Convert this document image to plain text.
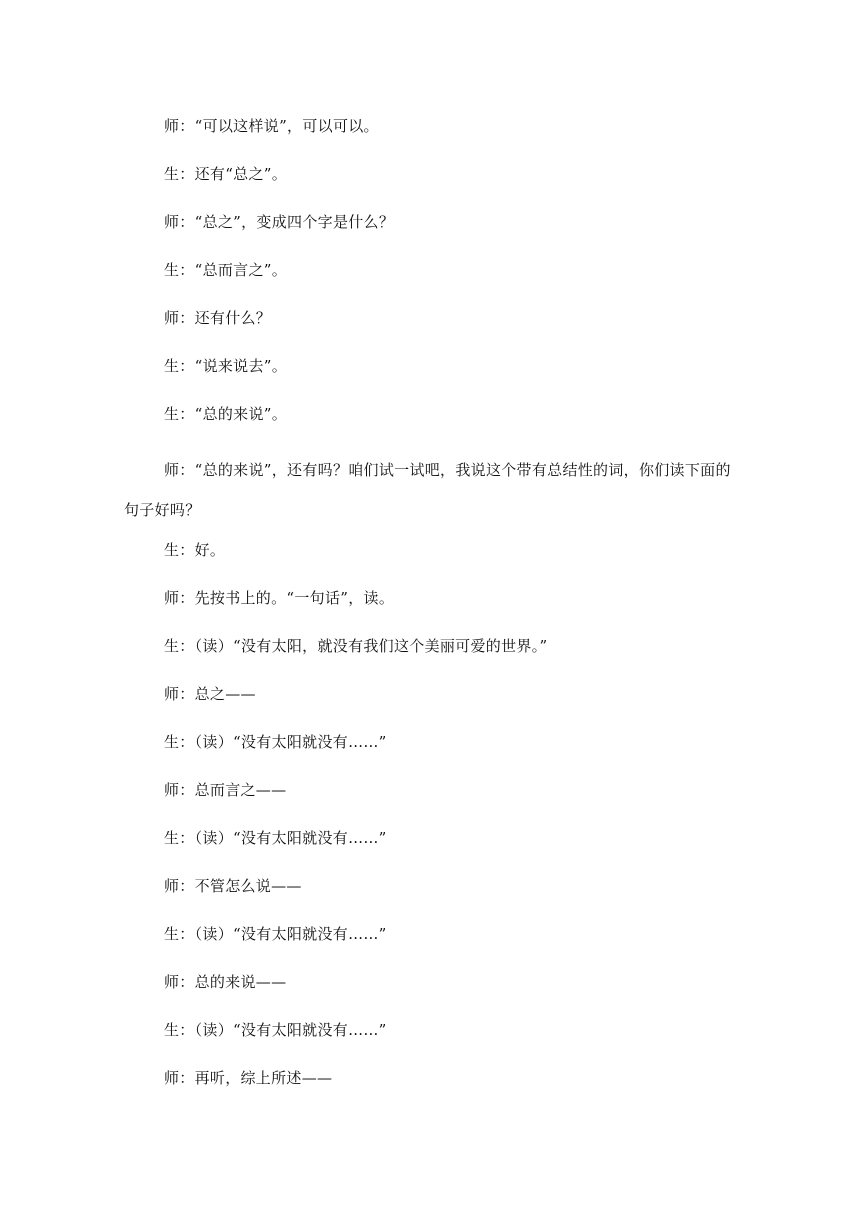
师：“可以这样说”，可以可以。

生：还有“总之”。

师：“总之”，变成四个字是什么？

生：“总而言之”。

师：还有什么？

生：“说来说去”。

生：“总的来说”。

师：“总的来说”，还有吗？咱们试一试吧，我说这个带有总结性的词，你们读下面的句子好吗？

生：好。

师：先按书上的。“一句话”，读。

生：（读）“没有太阳，就没有我们这个美丽可爱的世界。”

师：总之——

生：（读）“没有太阳就没有……”

师：总而言之——

生：（读）“没有太阳就没有……”

师：不管怎么说——

生：（读）“没有太阳就没有……”

师：总的来说——

生：（读）“没有太阳就没有……”

师：再听，综上所述——
